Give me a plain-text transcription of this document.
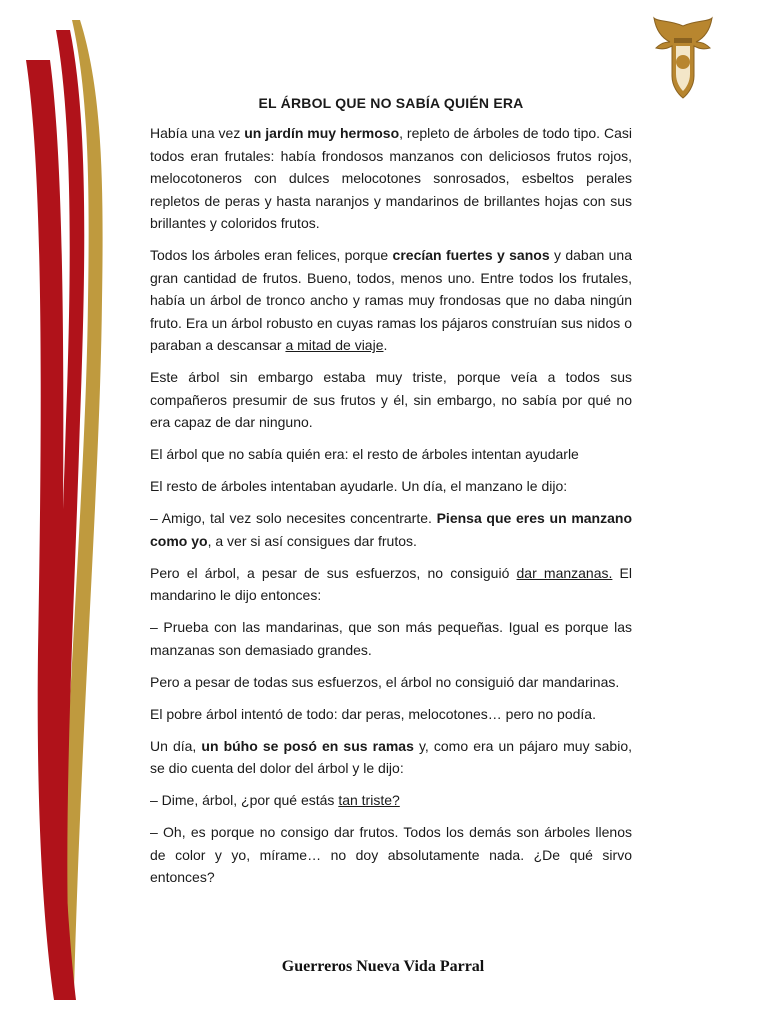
EL ÁRBOL QUE NO SABÍA QUIÉN ERA

Había una vez un jardín muy hermoso, repleto de árboles de todo tipo. Casi todos eran frutales: había frondosos manzanos con deliciosos frutos rojos, melocotoneros con dulces melocotones sonrosados, esbeltos perales repletos de peras y hasta naranjos y mandarinos de brillantes hojas con sus brillantes y coloridos frutos.

Todos los árboles eran felices, porque crecían fuertes y sanos y daban una gran cantidad de frutos. Bueno, todos, menos uno. Entre todos los frutales, había un árbol de tronco ancho y ramas muy frondosas que no daba ningún fruto. Era un árbol robusto en cuyas ramas los pájaros construían sus nidos o paraban a descansar a mitad de viaje.

Este árbol sin embargo estaba muy triste, porque veía a todos sus compañeros presumir de sus frutos y él, sin embargo, no sabía por qué no era capaz de dar ninguno.

El árbol que no sabía quién era: el resto de árboles intentan ayudarle

El resto de árboles intentaban ayudarle. Un día, el manzano le dijo:

– Amigo, tal vez solo necesites concentrarte. Piensa que eres un manzano como yo, a ver si así consigues dar frutos.

Pero el árbol, a pesar de sus esfuerzos, no consiguió dar manzanas. El mandarino le dijo entonces:

– Prueba con las mandarinas, que son más pequeñas. Igual es porque las manzanas son demasiado grandes.

Pero a pesar de todas sus esfuerzos, el árbol no consiguió dar mandarinas.

El pobre árbol intentó de todo: dar peras, melocotones… pero no podía.

Un día, un búho se posó en sus ramas y, como era un pájaro muy sabio, se dio cuenta del dolor del árbol y le dijo:

– Dime, árbol, ¿por qué estás tan triste?

– Oh, es porque no consigo dar frutos. Todos los demás son árboles llenos de color y yo, mírame… no doy absolutamente nada. ¿De qué sirvo entonces?

Guerreros Nueva Vida Parral
